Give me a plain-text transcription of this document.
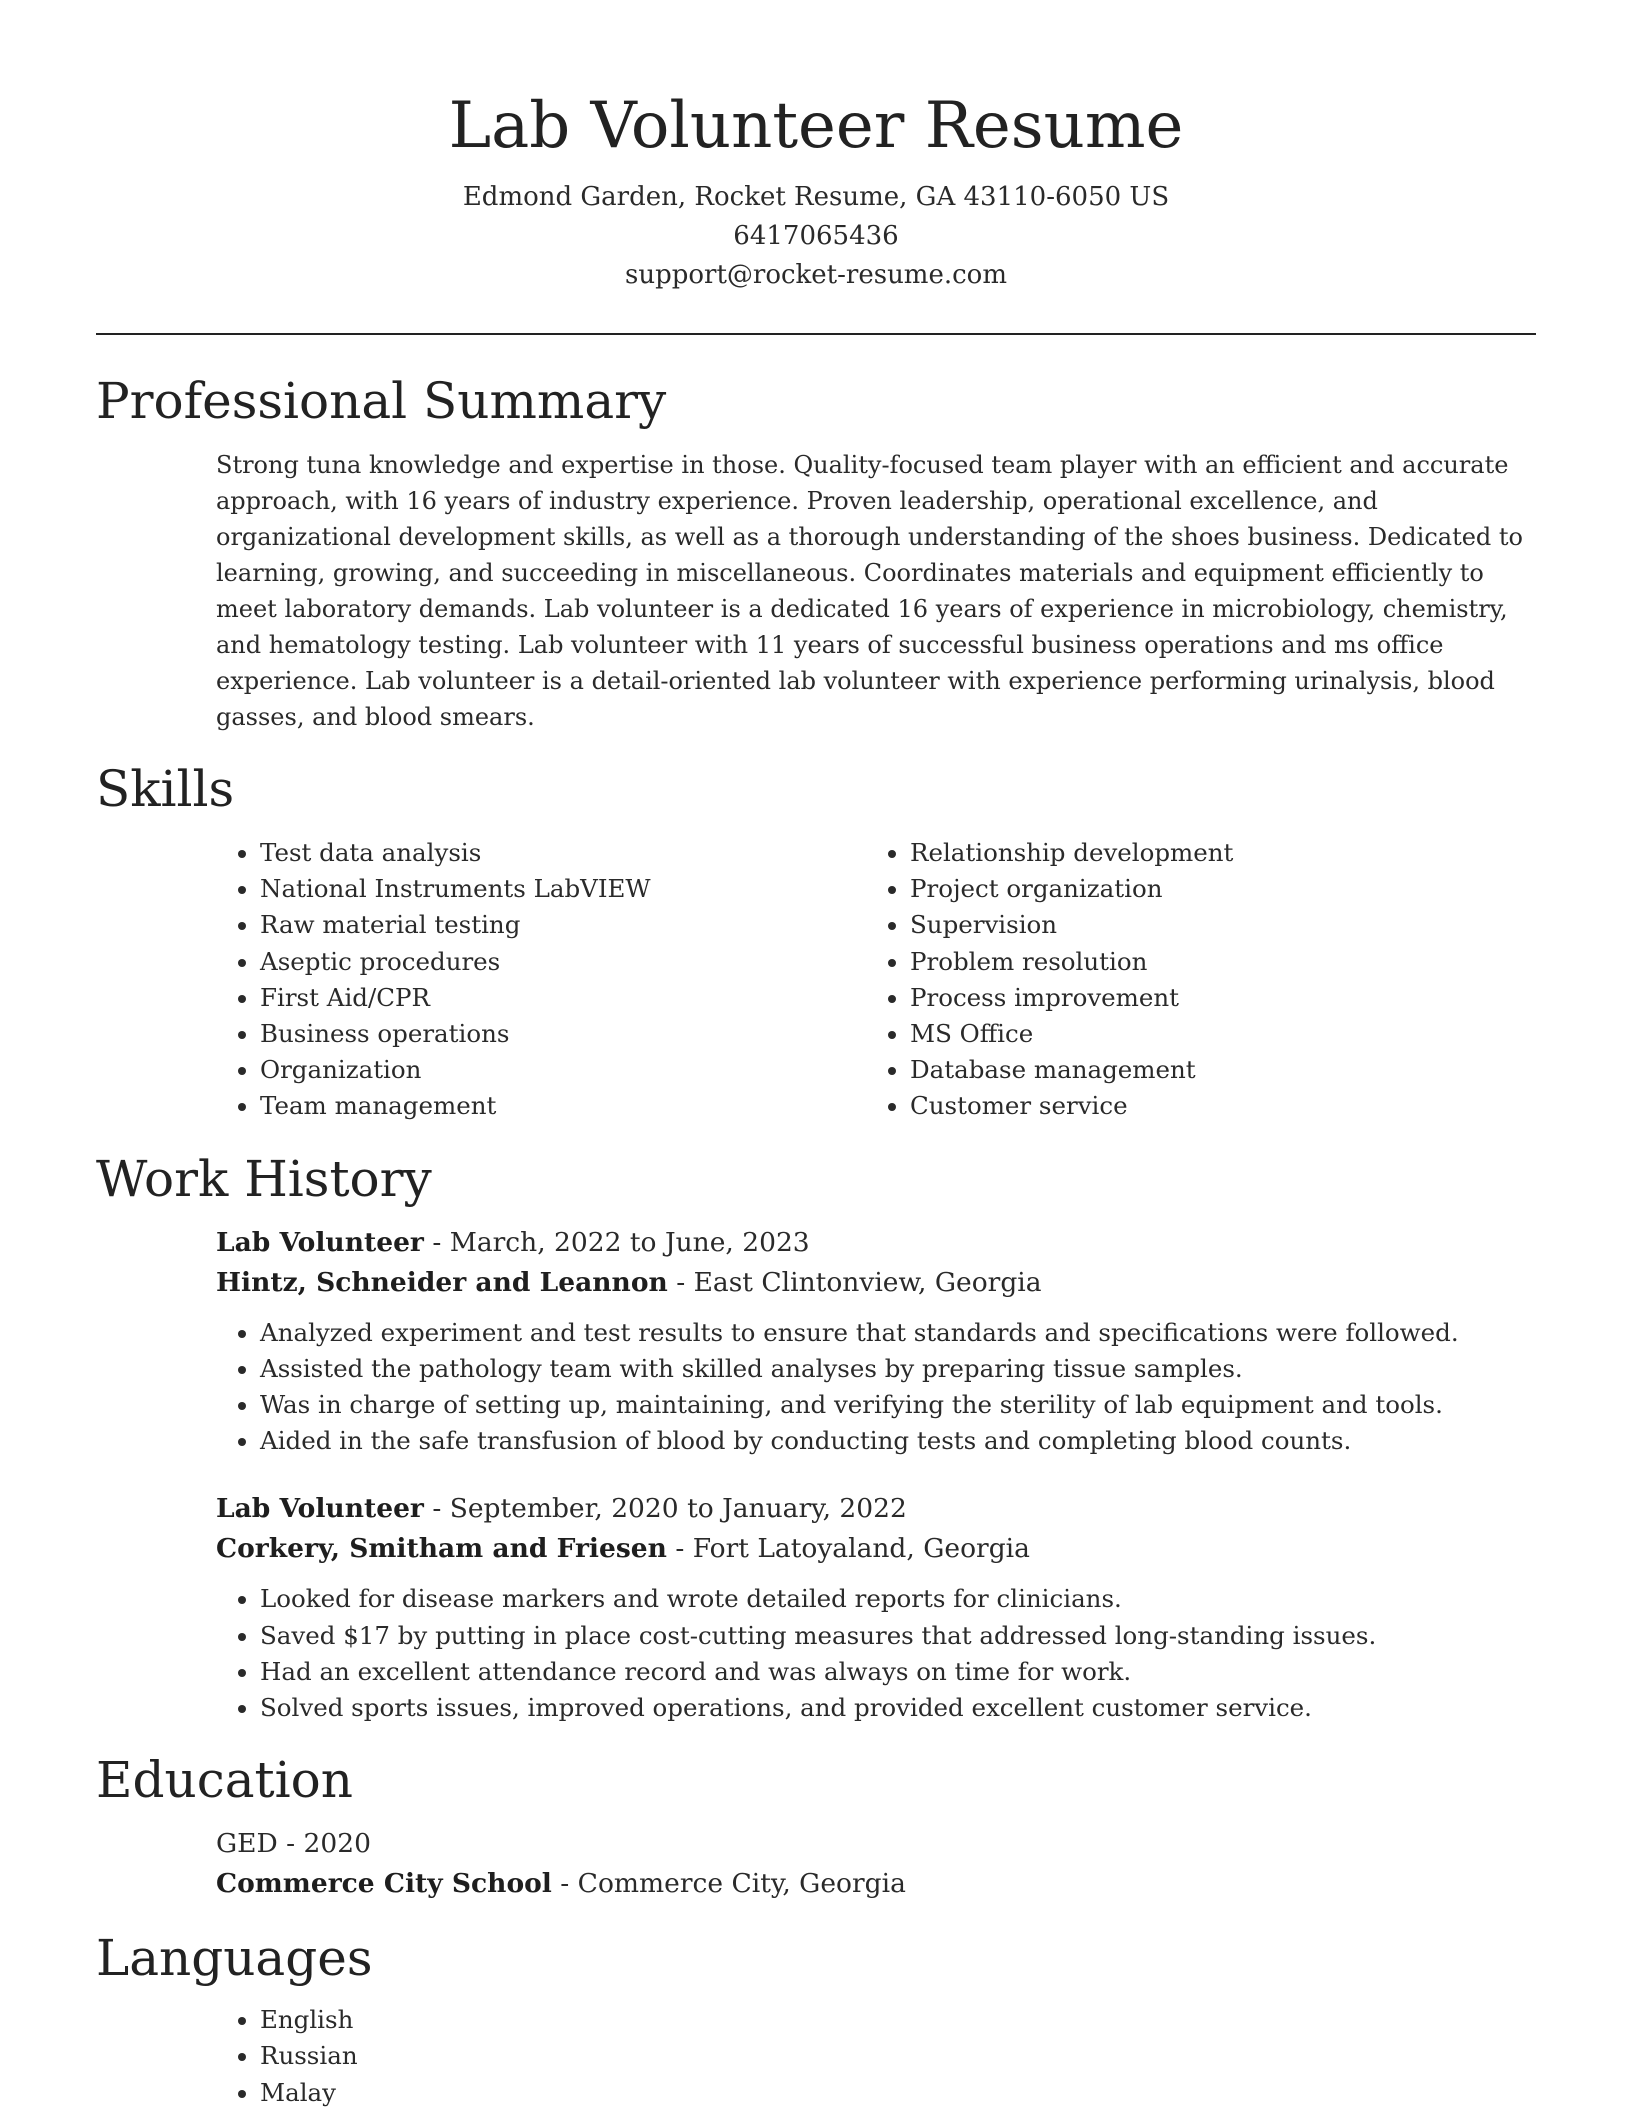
Lab Volunteer Resume
Edmond Garden, Rocket Resume, GA 43110-6050 US
6417065436
support@rocket-resume.com
Professional Summary
Strong tuna knowledge and expertise in those. Quality-focused team player with an efficient and accurate approach, with 16 years of industry experience. Proven leadership, operational excellence, and organizational development skills, as well as a thorough understanding of the shoes business. Dedicated to learning, growing, and succeeding in miscellaneous. Coordinates materials and equipment efficiently to meet laboratory demands. Lab volunteer is a dedicated 16 years of experience in microbiology, chemistry, and hematology testing. Lab volunteer with 11 years of successful business operations and ms office experience. Lab volunteer is a detail-oriented lab volunteer with experience performing urinalysis, blood gasses, and blood smears.
Skills
• Test data analysis
• National Instruments LabVIEW
• Raw material testing
• Aseptic procedures
• First Aid/CPR
• Business operations
• Organization
• Team management
• Relationship development
• Project organization
• Supervision
• Problem resolution
• Process improvement
• MS Office
• Database management
• Customer service
Work History
Lab Volunteer - March, 2022 to June, 2023
Hintz, Schneider and Leannon - East Clintonview, Georgia
• Analyzed experiment and test results to ensure that standards and specifications were followed.
• Assisted the pathology team with skilled analyses by preparing tissue samples.
• Was in charge of setting up, maintaining, and verifying the sterility of lab equipment and tools.
• Aided in the safe transfusion of blood by conducting tests and completing blood counts.
Lab Volunteer - September, 2020 to January, 2022
Corkery, Smitham and Friesen - Fort Latoyaland, Georgia
• Looked for disease markers and wrote detailed reports for clinicians.
• Saved $17 by putting in place cost-cutting measures that addressed long-standing issues.
• Had an excellent attendance record and was always on time for work.
• Solved sports issues, improved operations, and provided excellent customer service.
Education
GED - 2020
Commerce City School - Commerce City, Georgia
Languages
• English
• Russian
• Malay
